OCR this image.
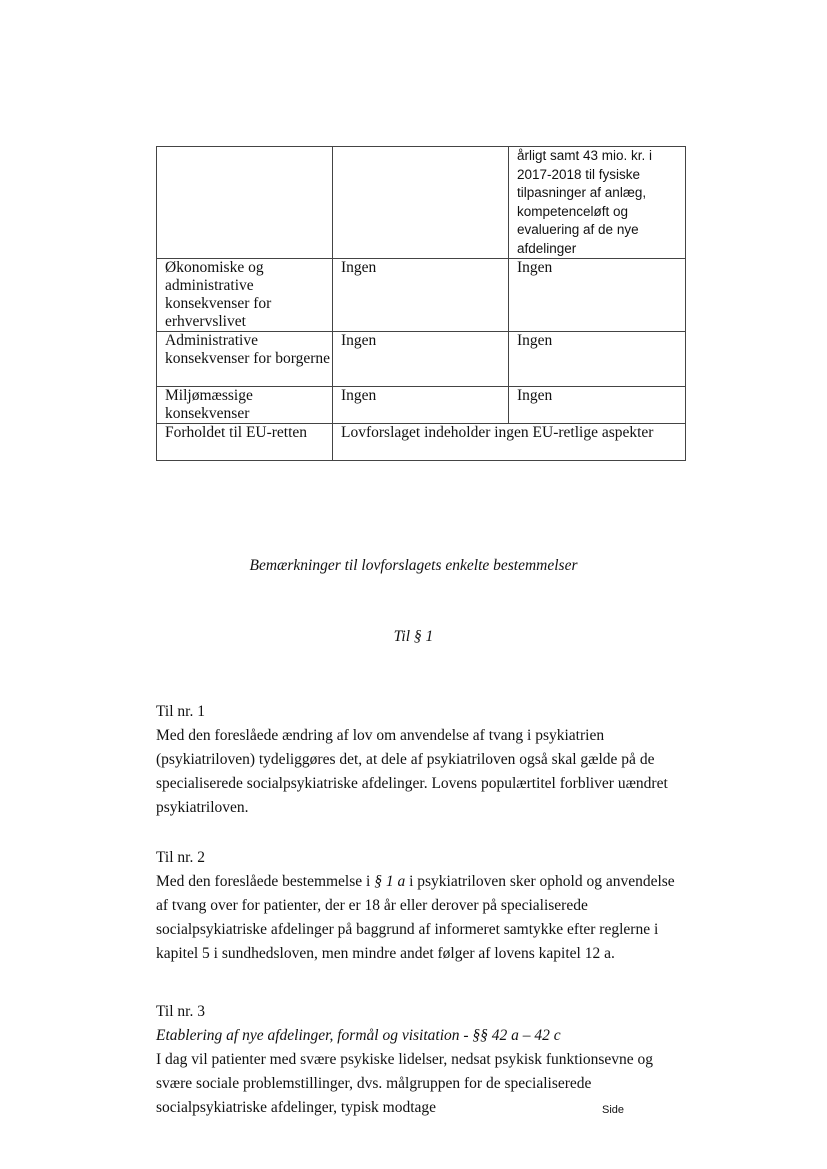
		årligt samt 43 mio. kr. i 2017-2018 til fysiske tilpasninger af anlæg, kompetenceløft og evaluering af de nye afdelinger
Økonomiske og administrative konsekvenser for erhvervslivet	Ingen	Ingen
Administrative konsekvenser for borgerne	Ingen	Ingen
Miljømæssige konsekvenser	Ingen	Ingen
Forholdet til EU-retten	Lovforslaget indeholder ingen EU-retlige aspekter	
Bemærkninger til lovforslagets enkelte bestemmelser
Til § 1

Til nr. 1

Med den foreslåede ændring af lov om anvendelse af tvang i psykiatrien (psykiatriloven) tydeliggøres det, at dele af psykiatriloven også skal gælde på de specialiserede socialpsykiatriske afdelinger. Lovens populærtitel forbliver uændret psykiatriloven.

Til nr. 2

Med den foreslåede bestemmelse i § 1 a i psykiatriloven sker ophold og anvendelse af tvang over for patienter, der er 18 år eller derover på specialiserede socialpsykiatriske afdelinger på baggrund af informeret samtykke efter reglerne i kapitel 5 i sundhedsloven, men mindre andet følger af lovens kapitel 12 a.

Til nr. 3

Etablering af nye afdelinger, formål og visitation - §§ 42 a – 42 c

I dag vil patienter med svære psykiske lidelser, nedsat psykisk funktionsevne og svære sociale problemstillinger, dvs. målgruppen for de specialiserede socialpsykiatriske afdelinger, typisk modtage	Side
